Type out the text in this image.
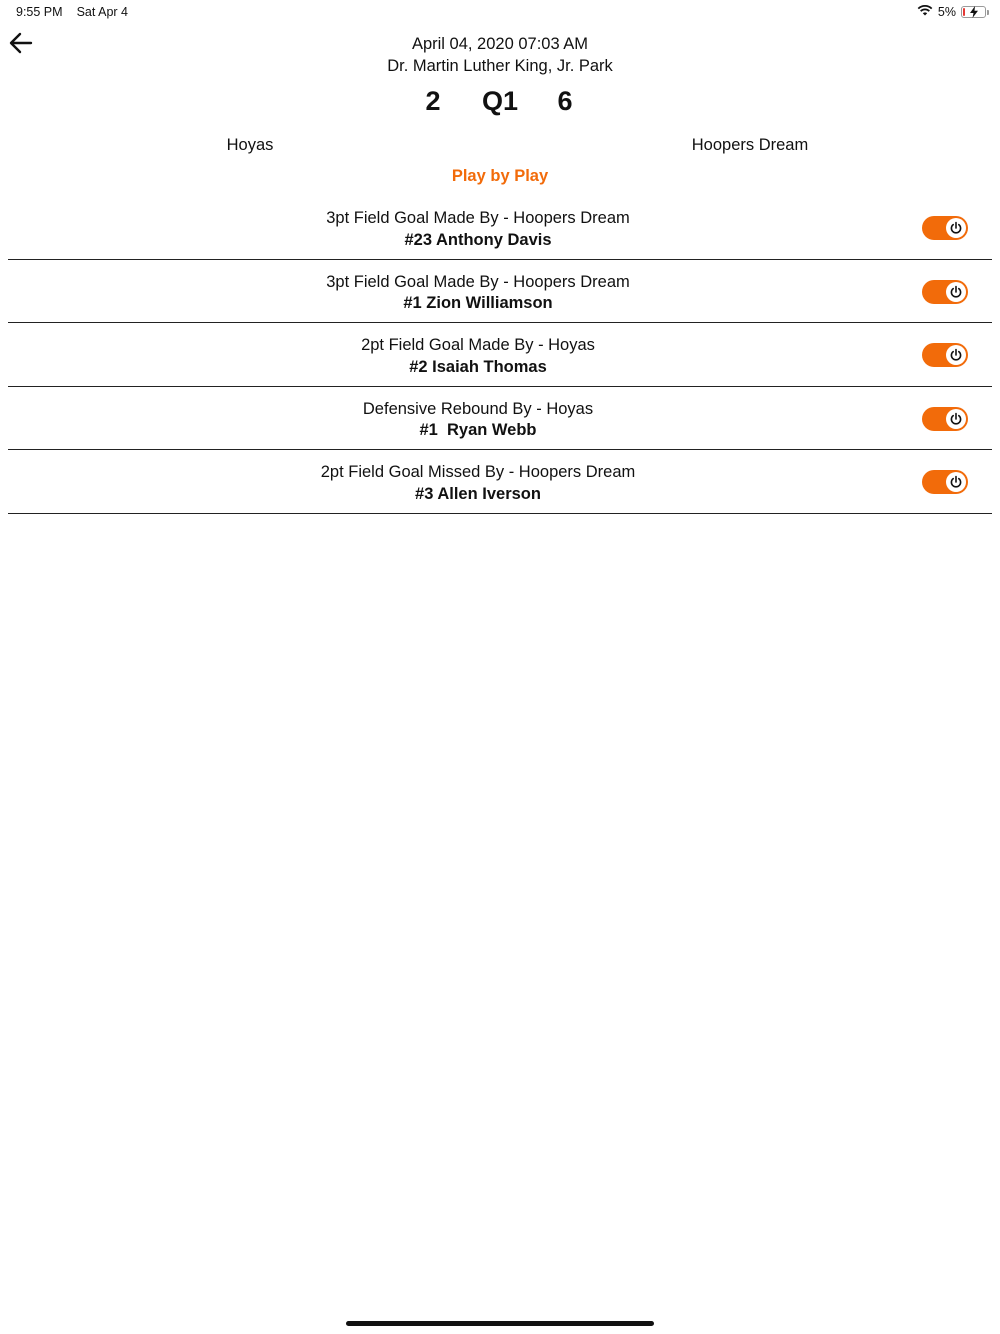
9:55 PM Sat Apr 4	5%
April 04, 2020 07:03 AM
Dr. Martin Luther King, Jr. Park
2	Q1	6
Hoyas	Hoopers Dream
Play by Play
3pt Field Goal Made By - Hoopers Dream
#23 Anthony Davis
3pt Field Goal Made By - Hoopers Dream
#1 Zion Williamson
2pt Field Goal Made By - Hoyas
#2 Isaiah Thomas
Defensive Rebound By - Hoyas
#1  Ryan Webb
2pt Field Goal Missed By - Hoopers Dream
#3 Allen Iverson
